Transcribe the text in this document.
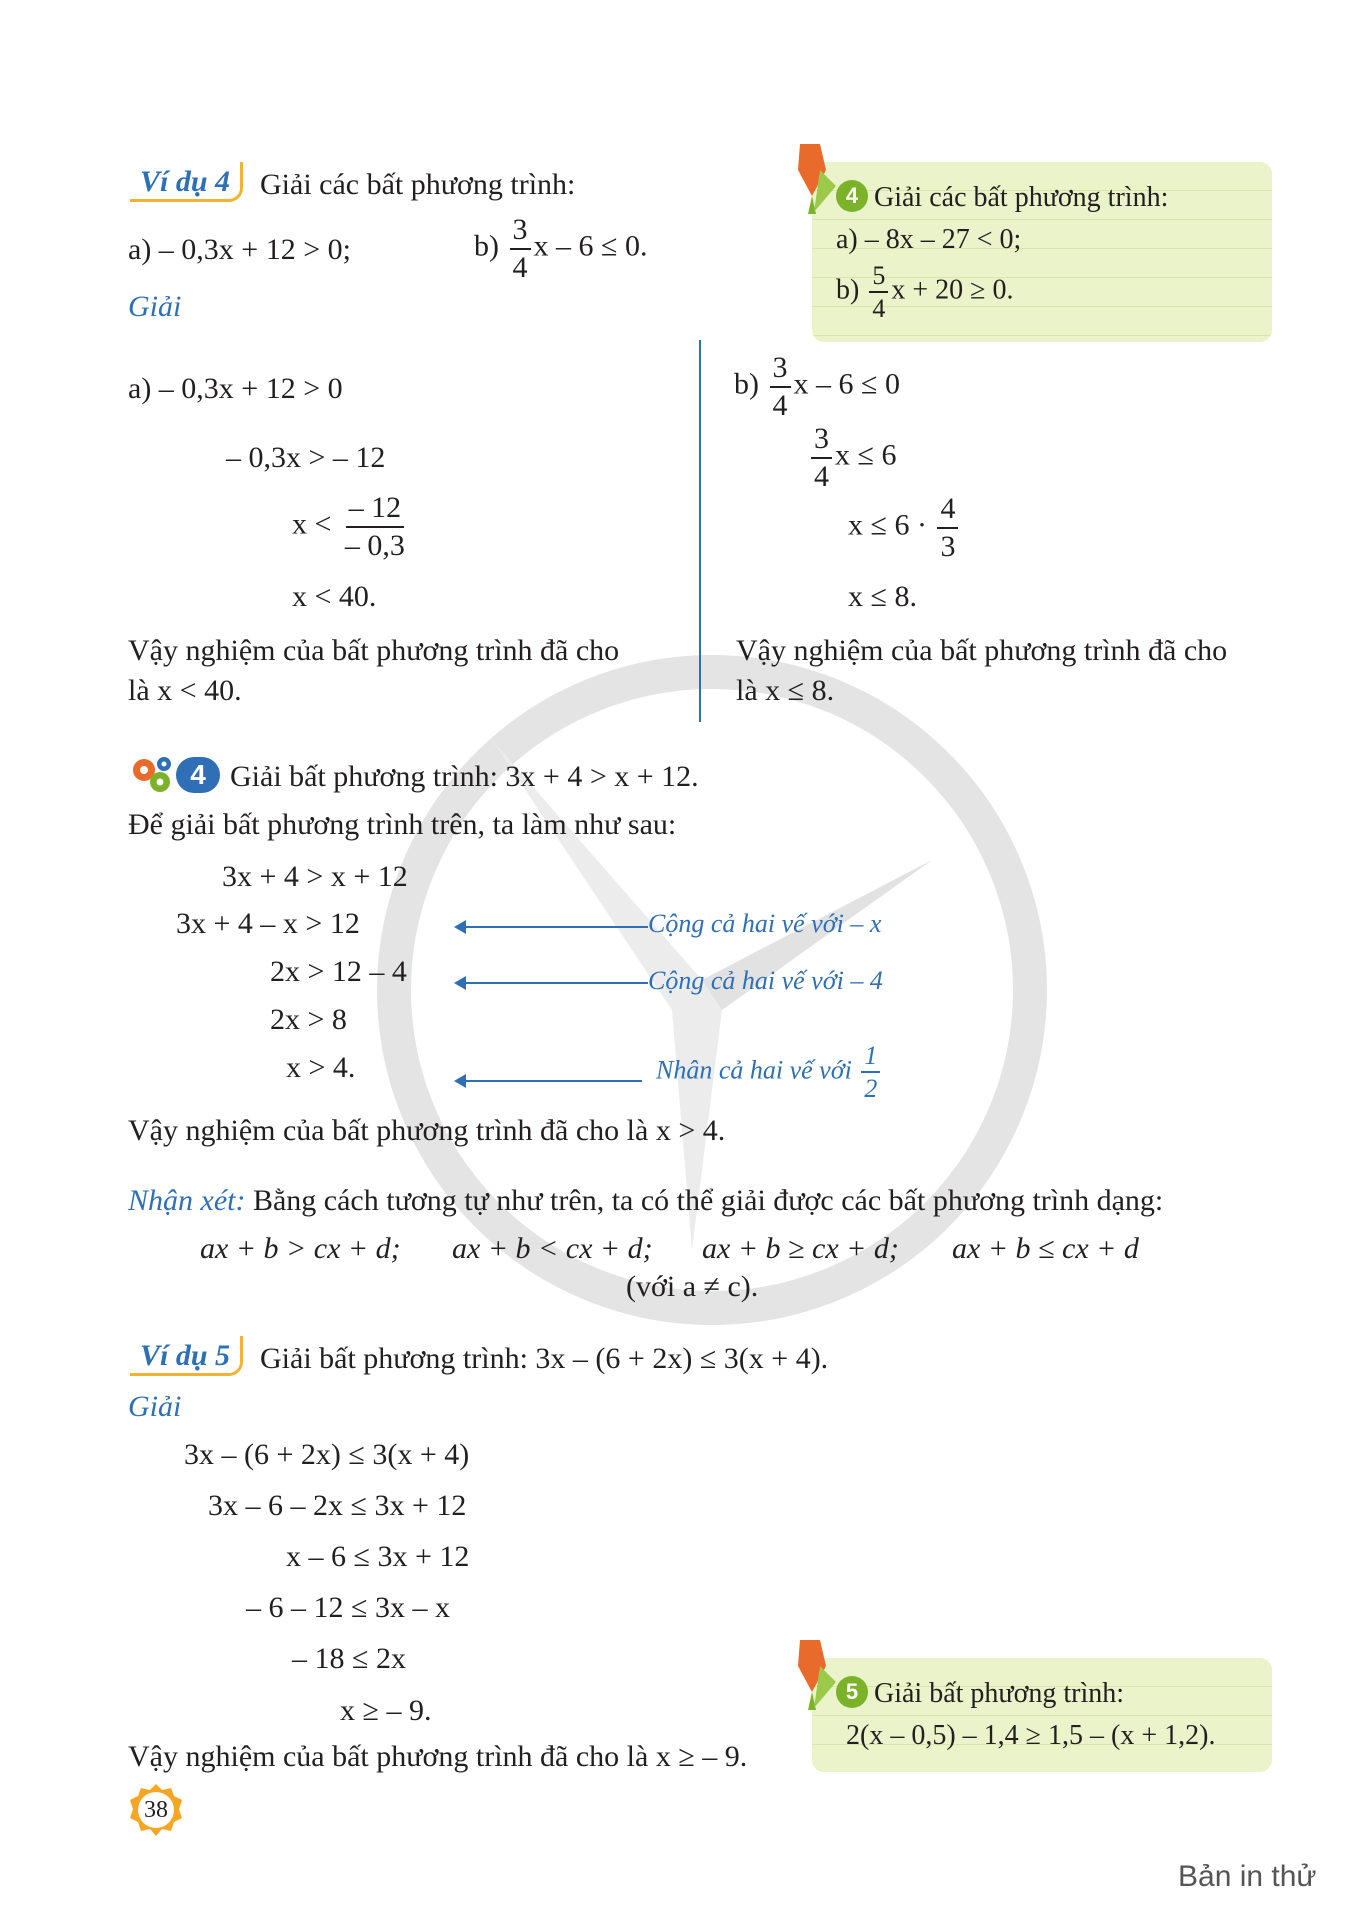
Ví dụ 4 Giải các bất phương trình:
a) – 0,3x + 12 > 0;	$b) \frac{3}{4}$ x – 6 ≤ 0.
Giải
a) – 0,3x + 12 > 0
– 0,3x > – 12
$x < \frac{- 12}{- 0,3}$
x < 40.
Vậy nghiệm của bất phương trình đã cho
là x < 40.
$b) \frac{3}{4}$ x – 6 ≤ 0
$\frac{3}{4}$ x ≤ 6
$x \le 6 \cdot \frac{4}{3}$
x ≤ 8.
Vậy nghiệm của bất phương trình đã cho
là x ≤ 8.
4 Giải các bất phương trình:
a) – 8x – 27 < 0;
$b) \frac{5}{4}$ x + 20 ≥ 0.
4 Giải bất phương trình: 3x + 4 > x + 12.
Để giải bất phương trình trên, ta làm như sau:
3x + 4 > x + 12
3x + 4 – x > 12
2x > 12 – 4
2x > 8
x > 4.
Cộng cả hai vế với – x
Cộng cả hai vế với – 4
Nhân cả hai vế với $\frac{1}{2}$
Vậy nghiệm của bất phương trình đã cho là x > 4.
Nhận xét: Bằng cách tương tự như trên, ta có thể giải được các bất phương trình dạng:
ax + b > cx + d; ax + b < cx + d; ax + b ≥ cx + d; ax + b ≤ cx + d
(với a ≠ c).
Ví dụ 5 Giải bất phương trình: 3x – (6 + 2x) ≤ 3(x + 4).
Giải
3x – (6 + 2x) ≤ 3(x + 4)
3x – 6 – 2x ≤ 3x + 12
x – 6 ≤ 3x + 12
– 6 – 12 ≤ 3x – x
– 18 ≤ 2x
x ≥ – 9.
Vậy nghiệm của bất phương trình đã cho là x ≥ – 9.
5 Giải bất phương trình:
2(x – 0,5) – 1,4 ≥ 1,5 – (x + 1,2).
38
Bản in thử
